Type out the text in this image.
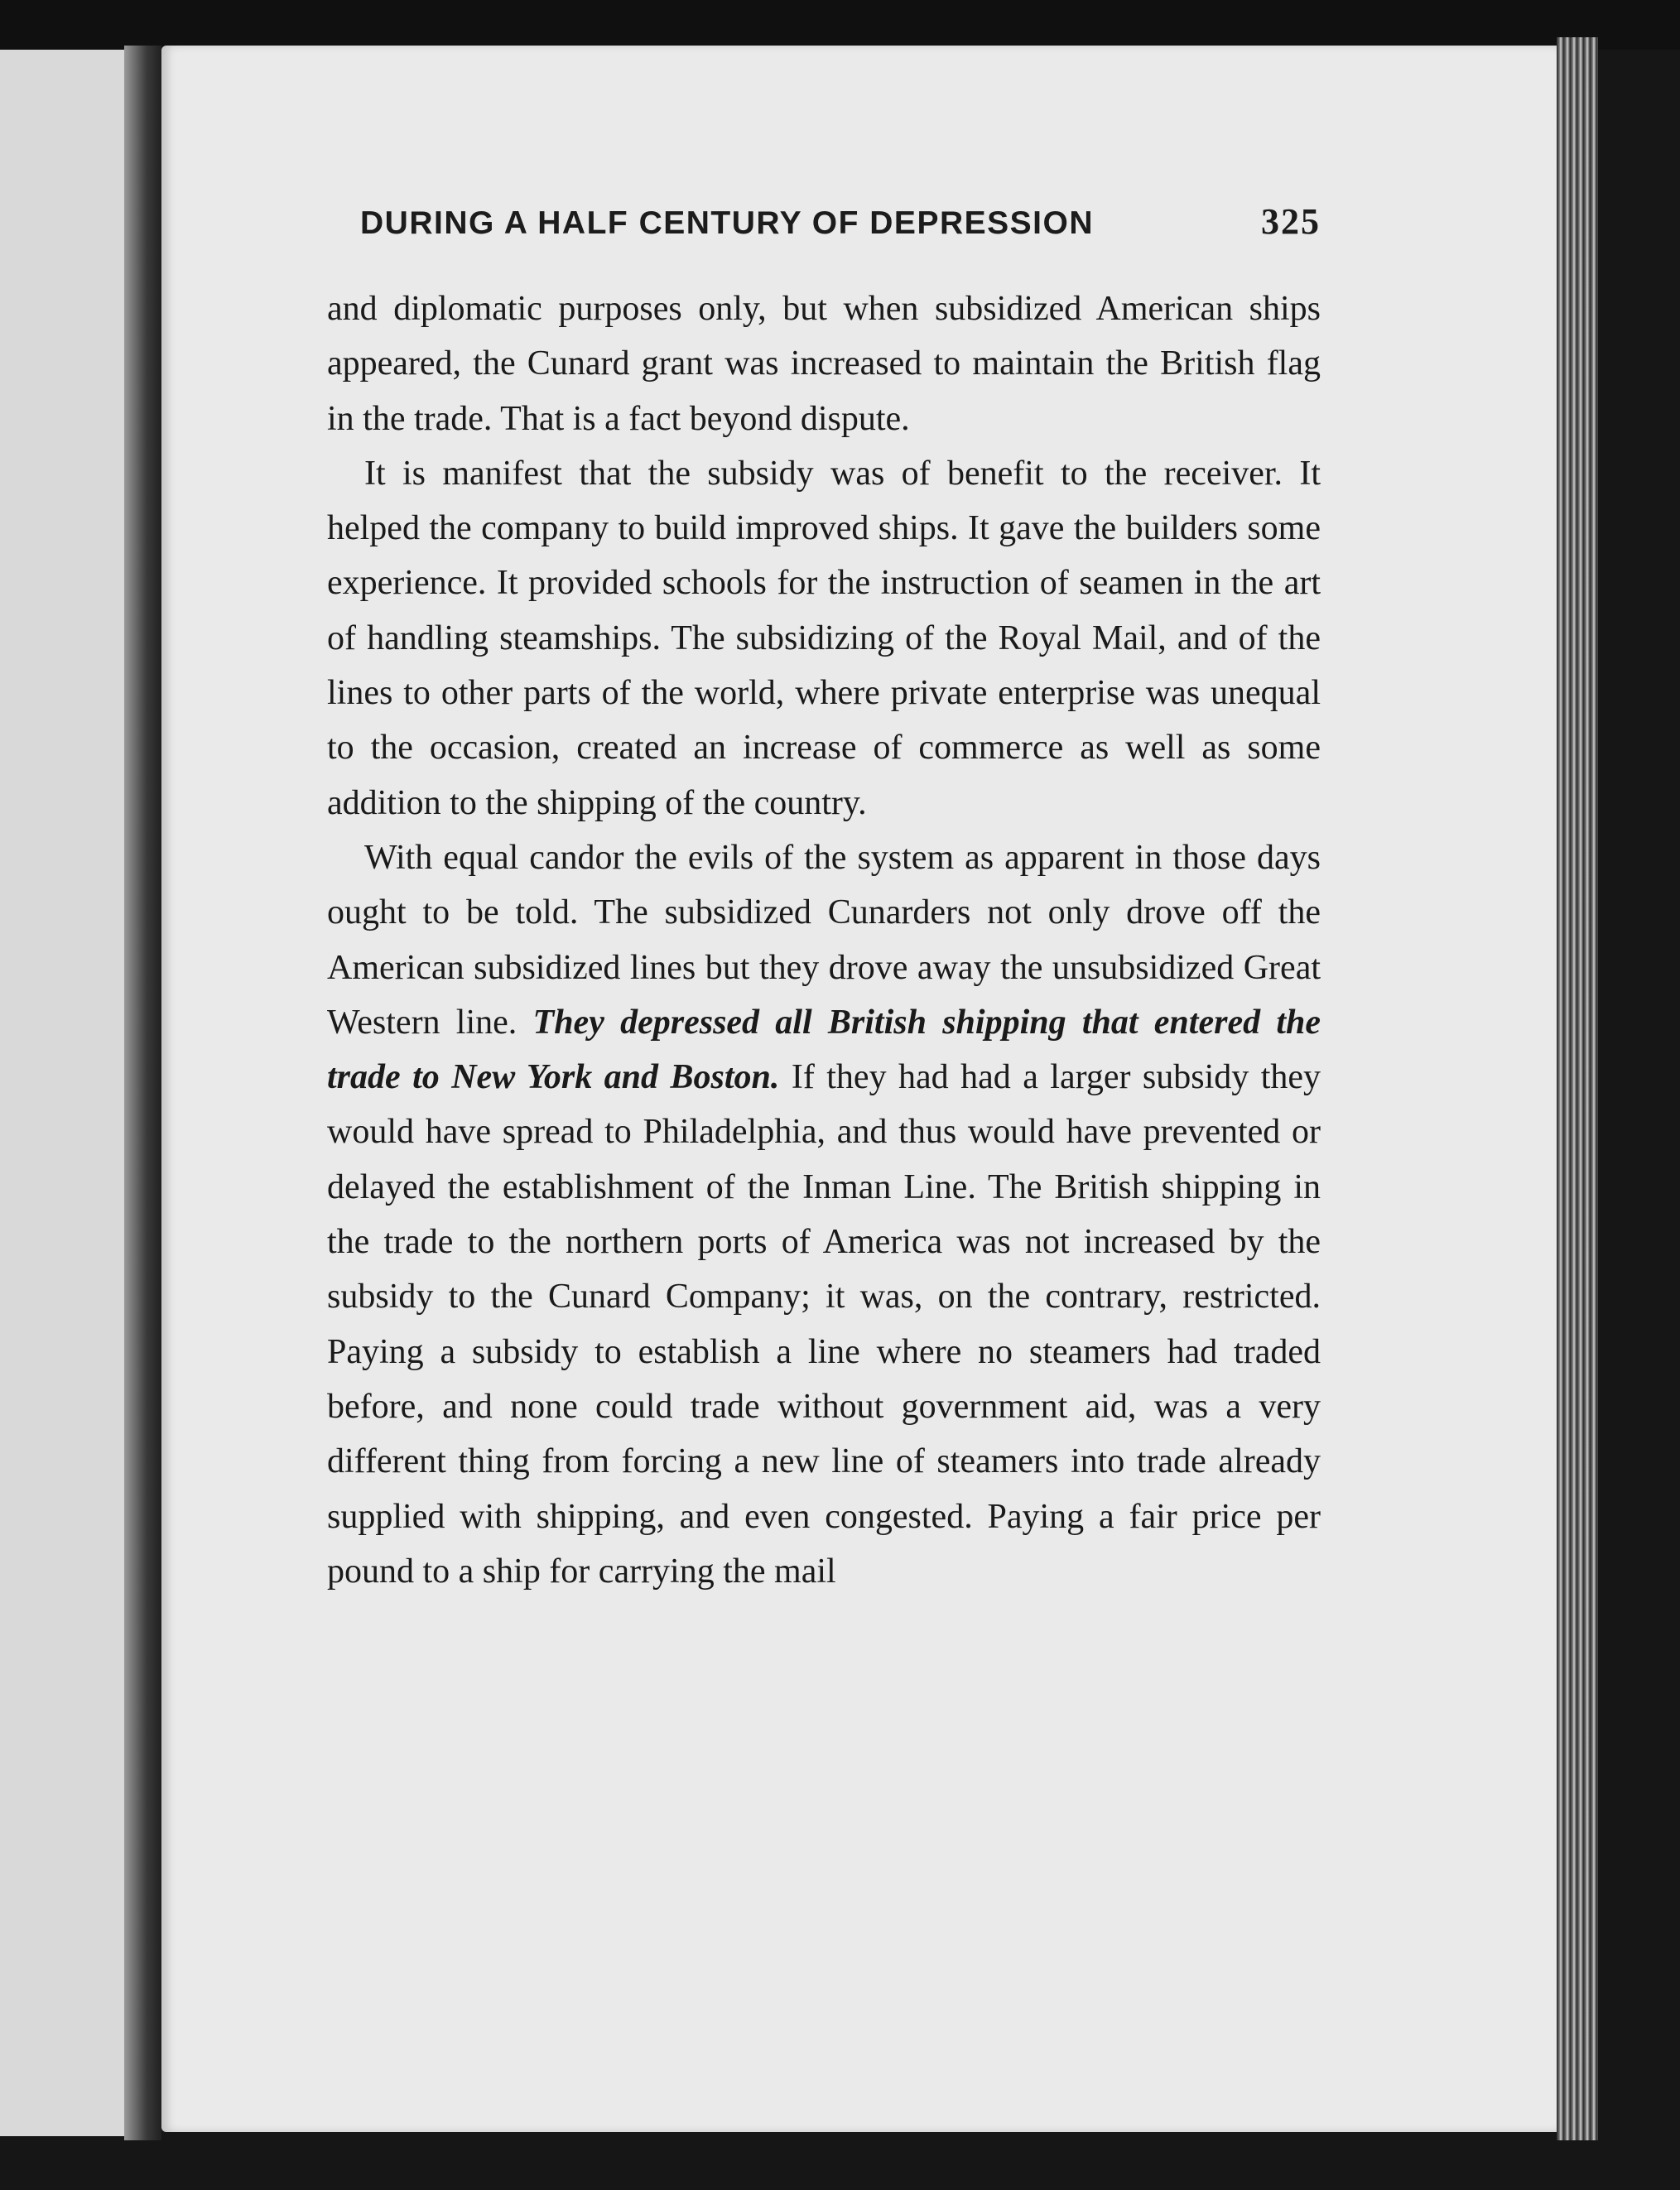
DURING A HALF CENTURY OF DEPRESSION	325

and diplomatic purposes only, but when subsidized American ships appeared, the Cunard grant was increased to maintain the British flag in the trade. That is a fact beyond dispute.

It is manifest that the subsidy was of benefit to the receiver. It helped the company to build improved ships. It gave the builders some experience. It provided schools for the instruction of seamen in the art of handling steamships. The subsidizing of the Royal Mail, and of the lines to other parts of the world, where private enterprise was unequal to the occasion, created an increase of commerce as well as some addition to the shipping of the country.

With equal candor the evils of the system as apparent in those days ought to be told. The subsidized Cunarders not only drove off the American subsidized lines but they drove away the unsubsidized Great Western line. They depressed all British shipping that entered the trade to New York and Boston. If they had had a larger subsidy they would have spread to Philadelphia, and thus would have prevented or delayed the establishment of the Inman Line. The British shipping in the trade to the northern ports of America was not increased by the subsidy to the Cunard Company; it was, on the contrary, restricted. Paying a subsidy to establish a line where no steamers had traded before, and none could trade without government aid, was a very different thing from forcing a new line of steamers into trade already supplied with shipping, and even congested. Paying a fair price per pound to a ship for carrying the mail
